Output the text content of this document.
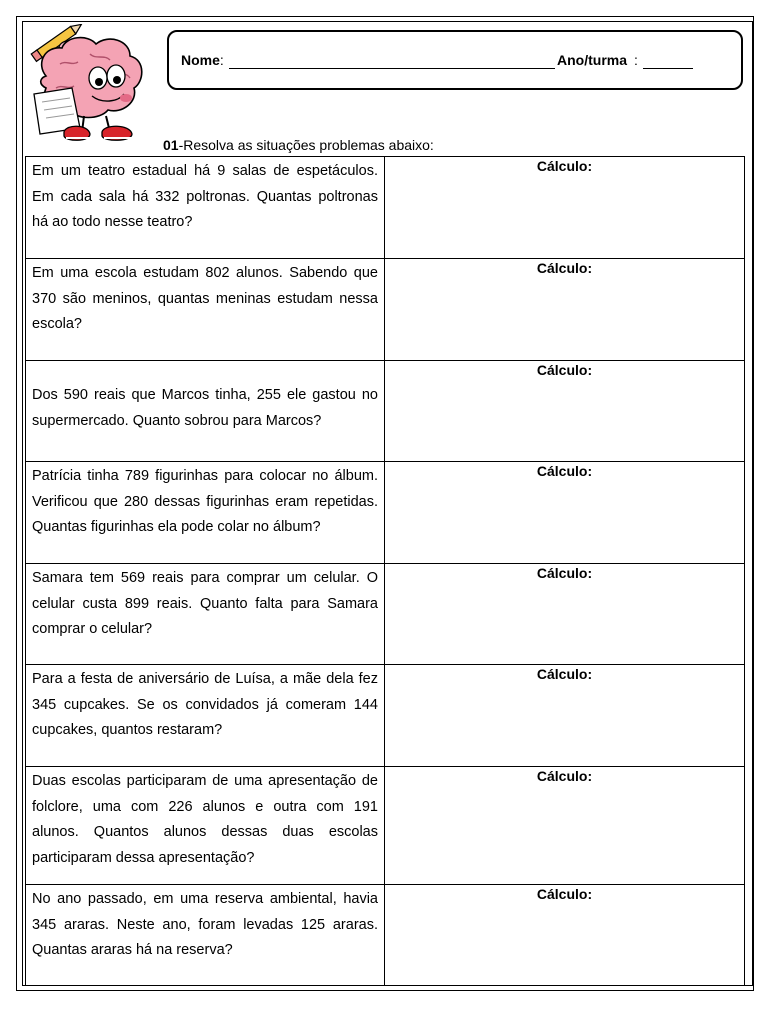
Nome:	Ano/turma :
01-Resolva as situações problemas abaixo:
Em um teatro estadual há 9 salas de espetáculos. Em cada sala há 332 poltronas. Quantas poltronas há ao todo nesse teatro?	Cálculo:

Em uma escola estudam 802 alunos. Sabendo que 370 são meninos, quantas meninas estudam nessa escola?	Cálculo:

Dos 590 reais que Marcos tinha, 255 ele gastou no supermercado. Quanto sobrou para Marcos?	Cálculo:

Patrícia tinha 789 figurinhas para colocar no álbum. Verificou que 280 dessas figurinhas eram repetidas. Quantas figurinhas ela pode colar no álbum?	Cálculo:

Samara tem 569 reais para comprar um celular. O celular custa 899 reais. Quanto falta para Samara comprar o celular?	Cálculo:

Para a festa de aniversário de Luísa, a mãe dela fez 345 cupcakes. Se os convidados já comeram 144 cupcakes, quantos restaram?	Cálculo:

Duas escolas participaram de uma apresentação de folclore, uma com 226 alunos e outra com 191 alunos. Quantos alunos dessas duas escolas participaram dessa apresentação?	Cálculo:

No ano passado, em uma reserva ambiental, havia 345 araras. Neste ano, foram levadas 125 araras. Quantas araras há na reserva?	Cálculo:
